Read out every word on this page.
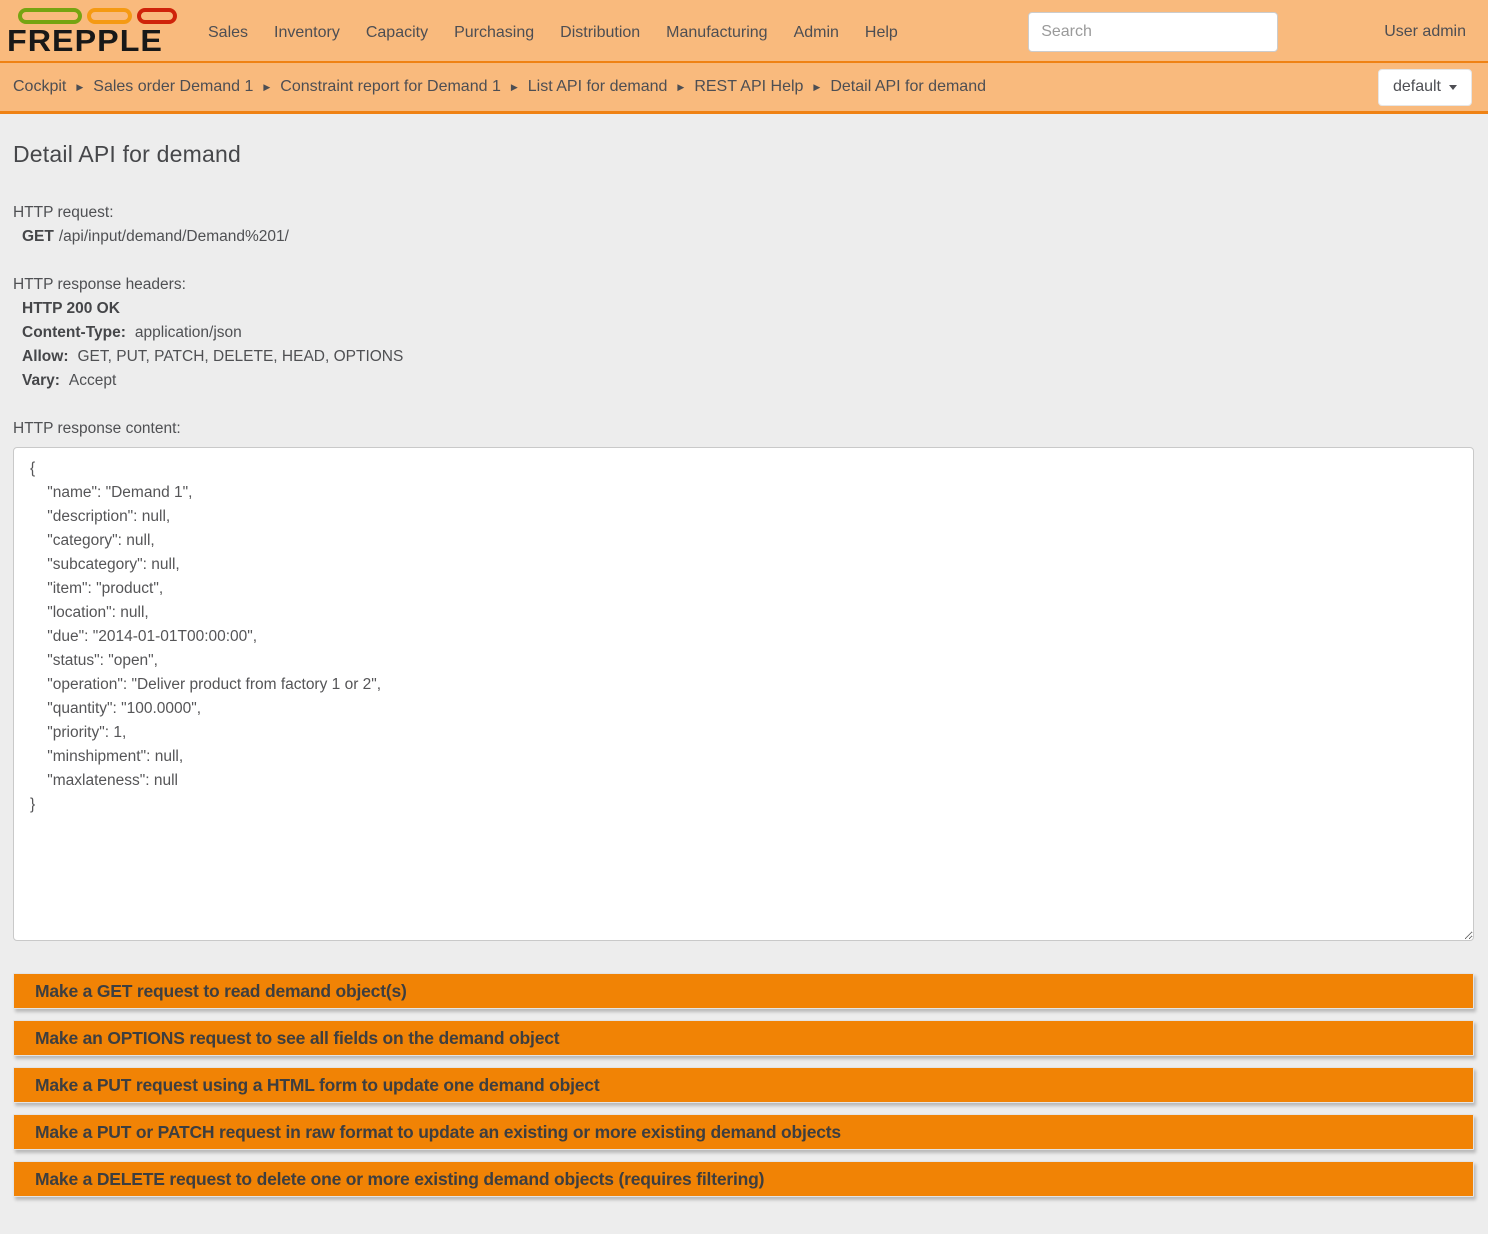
FREPPLE	Sales Inventory Capacity Purchasing Distribution Manufacturing Admin Help
Search	User admin
Cockpit ▶ Sales order Demand 1 ▶ Constraint report for Demand 1 ▶ List API for demand ▶ REST API Help ▶ Detail API for demand	default
Detail API for demand
HTTP request:
GET /api/input/demand/Demand%201/
HTTP response headers:
HTTP 200 OK
Content-Type: application/json
Allow: GET, PUT, PATCH, DELETE, HEAD, OPTIONS
Vary: Accept
HTTP response content:
{ "name": "Demand 1", "description": null, "category": null, "subcategory": null, "item": "product", "location": null, "due": "2014-01-01T00:00:00", "status": "open", "operation": "Deliver product from factory 1 or 2", "quantity": "100.0000", "priority": 1, "minshipment": null, "maxlateness": null }
Make a GET request to read demand object(s)
Make an OPTIONS request to see all fields on the demand object
Make a PUT request using a HTML form to update one demand object
Make a PUT or PATCH request in raw format to update an existing or more existing demand objects
Make a DELETE request to delete one or more existing demand objects (requires filtering)
